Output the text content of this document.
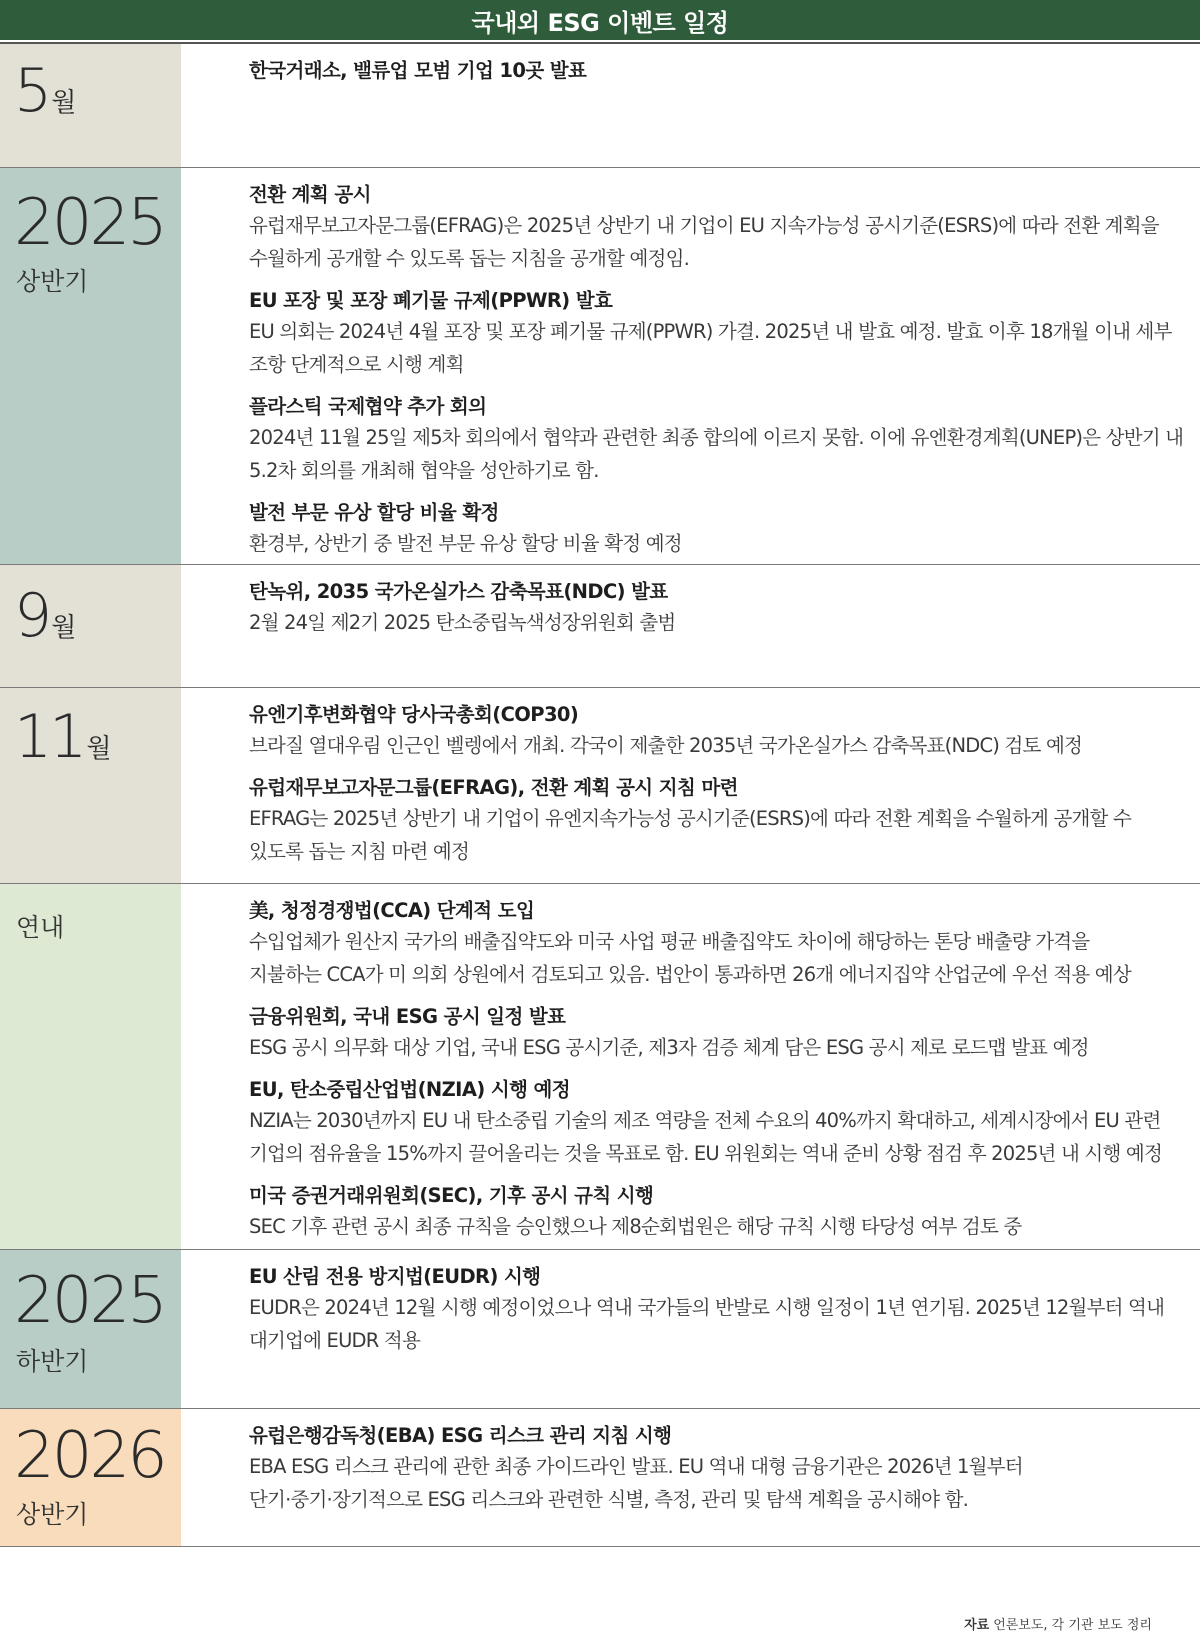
국내외 ESG 이벤트 일정
5월
한국거래소, 밸류업 모범 기업 10곳 발표
2025
상반기
전환 계획 공시
유럽재무보고자문그룹(EFRAG)은 2025년 상반기 내 기업이 EU 지속가능성 공시기준(ESRS)에 따라 전환 계획을
수월하게 공개할 수 있도록 돕는 지침을 공개할 예정임.
EU 포장 및 포장 폐기물 규제(PPWR) 발효
EU 의회는 2024년 4월 포장 및 포장 폐기물 규제(PPWR) 가결. 2025년 내 발효 예정. 발효 이후 18개월 이내 세부
조항 단계적으로 시행 계획
플라스틱 국제협약 추가 회의
2024년 11월 25일 제5차 회의에서 협약과 관련한 최종 합의에 이르지 못함. 이에 유엔환경계획(UNEP)은 상반기 내
5.2차 회의를 개최해 협약을 성안하기로 함.
발전 부문 유상 할당 비율 확정
환경부, 상반기 중 발전 부문 유상 할당 비율 확정 예정
9월
탄녹위, 2035 국가온실가스 감축목표(NDC) 발표
2월 24일 제2기 2025 탄소중립녹색성장위원회 출범
11월
유엔기후변화협약 당사국총회(COP30)
브라질 열대우림 인근인 벨렝에서 개최. 각국이 제출한 2035년 국가온실가스 감축목표(NDC) 검토 예정
유럽재무보고자문그룹(EFRAG), 전환 계획 공시 지침 마련
EFRAG는 2025년 상반기 내 기업이 유엔지속가능성 공시기준(ESRS)에 따라 전환 계획을 수월하게 공개할 수
있도록 돕는 지침 마련 예정
연내
美, 청정경쟁법(CCA) 단계적 도입
수입업체가 원산지 국가의 배출집약도와 미국 사업 평균 배출집약도 차이에 해당하는 톤당 배출량 가격을
지불하는 CCA가 미 의회 상원에서 검토되고 있음. 법안이 통과하면 26개 에너지집약 산업군에 우선 적용 예상
금융위원회, 국내 ESG 공시 일정 발표
ESG 공시 의무화 대상 기업, 국내 ESG 공시기준, 제3자 검증 체계 담은 ESG 공시 제로 로드맵 발표 예정
EU, 탄소중립산업법(NZIA) 시행 예정
NZIA는 2030년까지 EU 내 탄소중립 기술의 제조 역량을 전체 수요의 40%까지 확대하고, 세계시장에서 EU 관련
기업의 점유율을 15%까지 끌어올리는 것을 목표로 함. EU 위원회는 역내 준비 상황 점검 후 2025년 내 시행 예정
미국 증권거래위원회(SEC), 기후 공시 규칙 시행
SEC 기후 관련 공시 최종 규칙을 승인했으나 제8순회법원은 해당 규칙 시행 타당성 여부 검토 중
2025
하반기
EU 산림 전용 방지법(EUDR) 시행
EUDR은 2024년 12월 시행 예정이었으나 역내 국가들의 반발로 시행 일정이 1년 연기됨. 2025년 12월부터 역내
대기업에 EUDR 적용
2026
상반기
유럽은행감독청(EBA) ESG 리스크 관리 지침 시행
EBA ESG 리스크 관리에 관한 최종 가이드라인 발표. EU 역내 대형 금융기관은 2026년 1월부터
단기·중기·장기적으로 ESG 리스크와 관련한 식별, 측정, 관리 및 탐색 계획을 공시해야 함.
자료 언론보도, 각 기관 보도 정리
